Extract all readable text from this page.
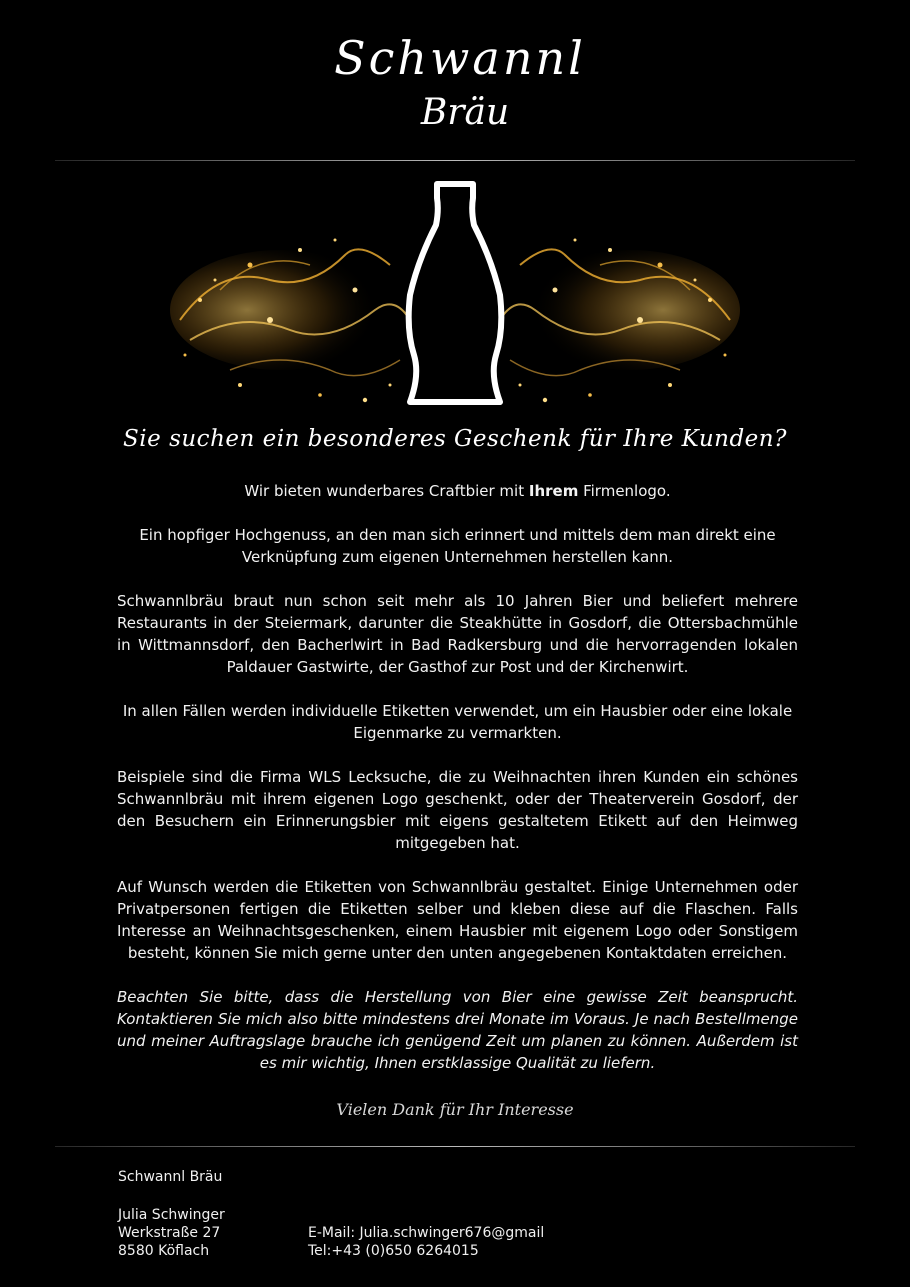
Schwannl
Bräu
Sie suchen ein besonderes Geschenk für Ihre Kunden?

Wir bieten wunderbares Craftbier mit Ihrem Firmenlogo.

Ein hopfiger Hochgenuss, an den man sich erinnert und mittels dem man direkt eine Verknüpfung zum eigenen Unternehmen herstellen kann.

Schwannlbräu braut nun schon seit mehr als 10 Jahren Bier und beliefert mehrere Restaurants in der Steiermark, darunter die Steakhütte in Gosdorf, die Ottersbachmühle in Wittmannsdorf, den Bacherlwirt in Bad Radkersburg und die hervorragenden lokalen Paldauer Gastwirte, der Gasthof zur Post und der Kirchenwirt.

In allen Fällen werden individuelle Etiketten verwendet, um ein Hausbier oder eine lokale Eigenmarke zu vermarkten.

Beispiele sind die Firma WLS Lecksuche, die zu Weihnachten ihren Kunden ein schönes Schwannlbräu mit ihrem eigenen Logo geschenkt, oder der Theaterverein Gosdorf, der den Besuchern ein Erinnerungsbier mit eigens gestaltetem Etikett auf den Heimweg mitgegeben hat.

Auf Wunsch werden die Etiketten von Schwannlbräu gestaltet. Einige Unternehmen oder Privatpersonen fertigen die Etiketten selber und kleben diese auf die Flaschen. Falls Interesse an Weihnachtsgeschenken, einem Hausbier mit eigenem Logo oder Sonstigem besteht, können Sie mich gerne unter den unten angegebenen Kontaktdaten erreichen.

Beachten Sie bitte, dass die Herstellung von Bier eine gewisse Zeit beansprucht. Kontaktieren Sie mich also bitte mindestens drei Monate im Voraus. Je nach Bestellmenge und meiner Auftragslage brauche ich genügend Zeit um planen zu können. Außerdem ist es mir wichtig, Ihnen erstklassige Qualität zu liefern.

Vielen Dank für Ihr Interesse
Schwannl Bräu
Julia Schwinger
Werkstraße 27
8580 Köflach
E-Mail: Julia.schwinger676@gmail
Tel:+43 (0)650 6264015
